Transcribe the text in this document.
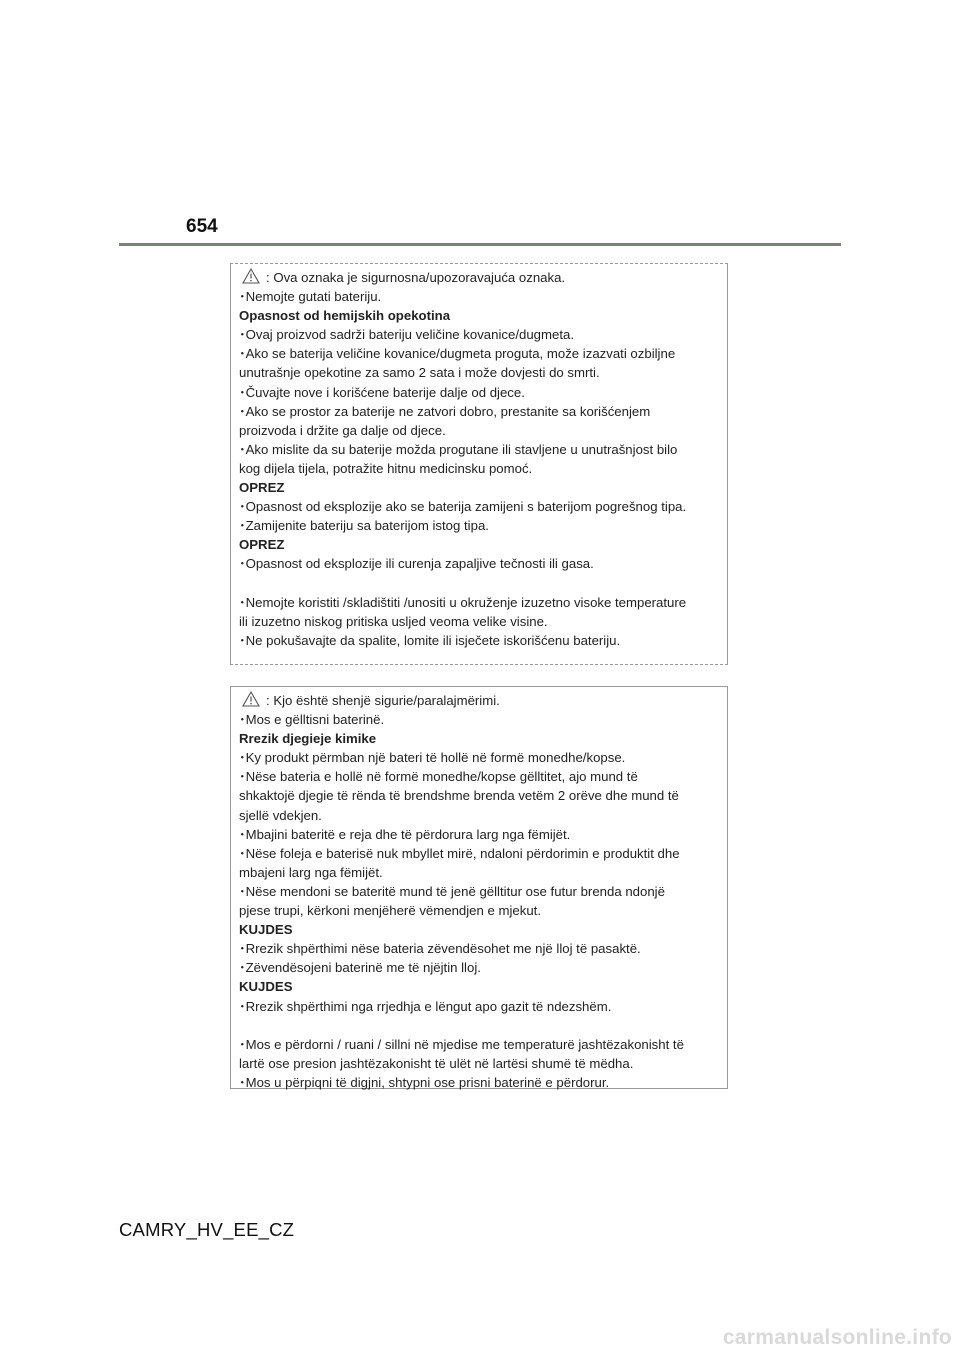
654
: Ova oznaka je sigurnosna/upozoravajuća oznaka.
･Nemojte gutati bateriju.
Opasnost od hemijskih opekotina
･Ovaj proizvod sadrži bateriju veličine kovanice/dugmeta.
･Ako se baterija veličine kovanice/dugmeta proguta, može izazvati ozbiljne
unutrašnje opekotine za samo 2 sata i može dovjesti do smrti.
･Čuvajte nove i korišćene baterije dalje od djece.
･Ako se prostor za baterije ne zatvori dobro, prestanite sa korišćenjem
proizvoda i držite ga dalje od djece.
･Ako mislite da su baterije možda progutane ili stavljene u unutrašnjost bilo
kog dijela tijela, potražite hitnu medicinsku pomoć.
OPREZ
･Opasnost od eksplozije ako se baterija zamijeni s baterijom pogrešnog tipa.
･Zamijenite bateriju sa baterijom istog tipa.
OPREZ
･Opasnost od eksplozije ili curenja zapaljive tečnosti ili gasa.
･Nemojte koristiti /skladištiti /unositi u okruženje izuzetno visoke temperature
ili izuzetno niskog pritiska usljed veoma velike visine.
･Ne pokušavajte da spalite, lomite ili isječete iskorišćenu bateriju.
: Kjo është shenjë sigurie/paralajmërimi.
･Mos e gëlltisni baterinë.
Rrezik djegieje kimike
･Ky produkt përmban një bateri të hollë në formë monedhe/kopse.
･Nëse bateria e hollë në formë monedhe/kopse gëlltitet, ajo mund të
shkaktojë djegie të rënda të brendshme brenda vetëm 2 orëve dhe mund të
sjellë vdekjen.
･Mbajini bateritë e reja dhe të përdorura larg nga fëmijët.
･Nëse foleja e baterisë nuk mbyllet mirë, ndaloni përdorimin e produktit dhe
mbajeni larg nga fëmijët.
･Nëse mendoni se bateritë mund të jenë gëlltitur ose futur brenda ndonjë
pjese trupi, kërkoni menjëherë vëmendjen e mjekut.
KUJDES
･Rrezik shpërthimi nëse bateria zëvendësohet me një lloj të pasaktë.
･Zëvendësojeni baterinë me të njëjtin lloj.
KUJDES
･Rrezik shpërthimi nga rrjedhja e lëngut apo gazit të ndezshëm.
･Mos e përdorni / ruani / sillni në mjedise me temperaturë jashtëzakonisht të
lartë ose presion jashtëzakonisht të ulët në lartësi shumë të mëdha.
･Mos u përpiqni të digjni, shtypni ose prisni baterinë e përdorur.
CAMRY_HV_EE_CZ
carmanualsonline.info
